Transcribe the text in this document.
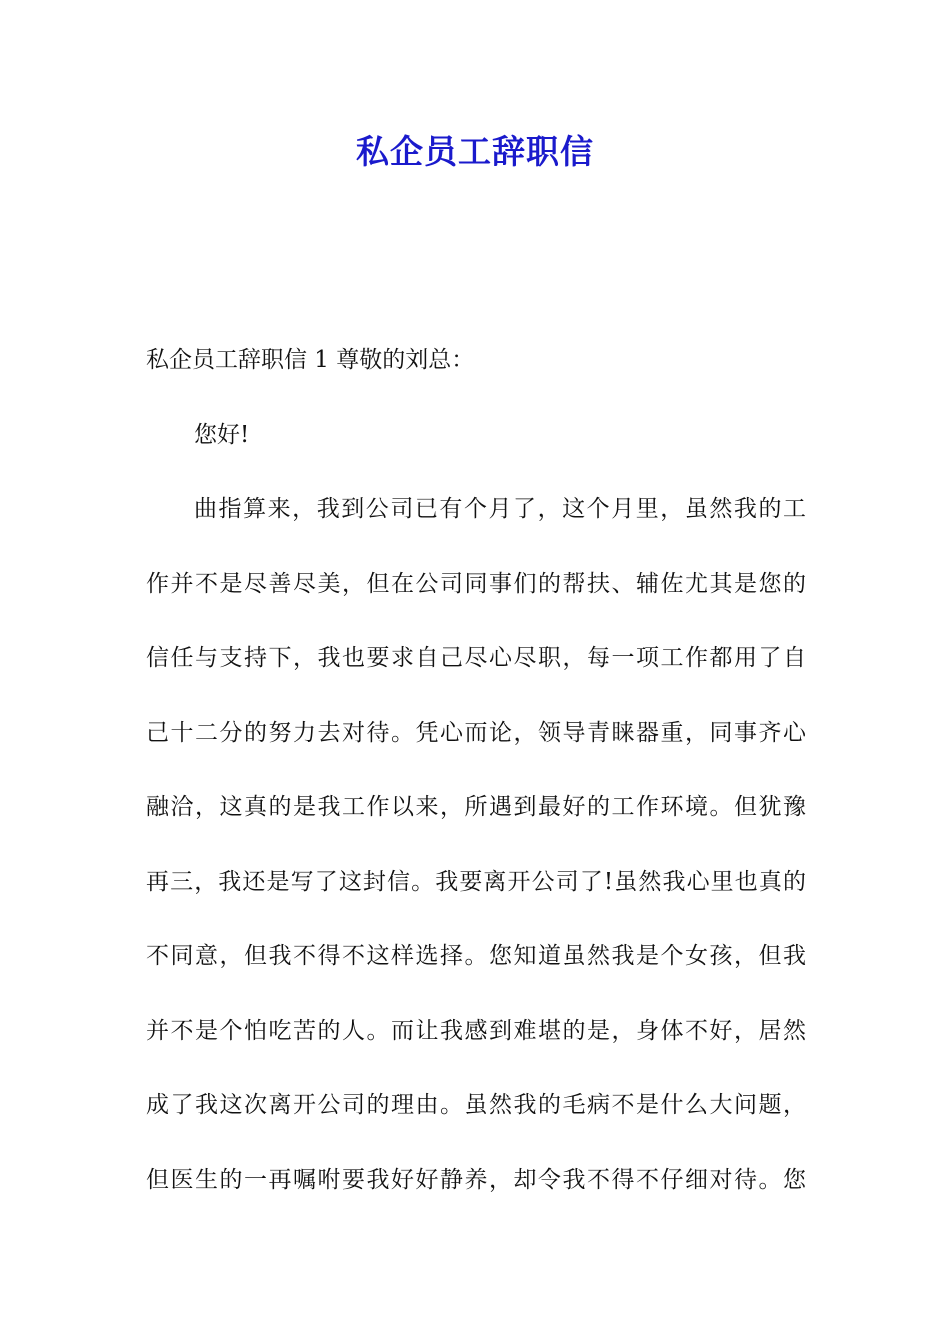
私企员工辞职信
私企员工辞职信 1 尊敬的刘总：
您好!
曲指算来，我到公司已有个月了，这个月里，虽然我的工
作并不是尽善尽美，但在公司同事们的帮扶、辅佐尤其是您的
信任与支持下，我也要求自己尽心尽职，每一项工作都用了自
己十二分的努力去对待。凭心而论，领导青睐器重，同事齐心
融洽，这真的是我工作以来，所遇到最好的工作环境。但犹豫
再三，我还是写了这封信。我要离开公司了!虽然我心里也真的
不同意，但我不得不这样选择。您知道虽然我是个女孩，但我
并不是个怕吃苦的人。而让我感到难堪的是，身体不好，居然
成了我这次离开公司的理由。虽然我的毛病不是什么大问题，
但医生的一再嘱咐要我好好静养，却令我不得不仔细对待。您
